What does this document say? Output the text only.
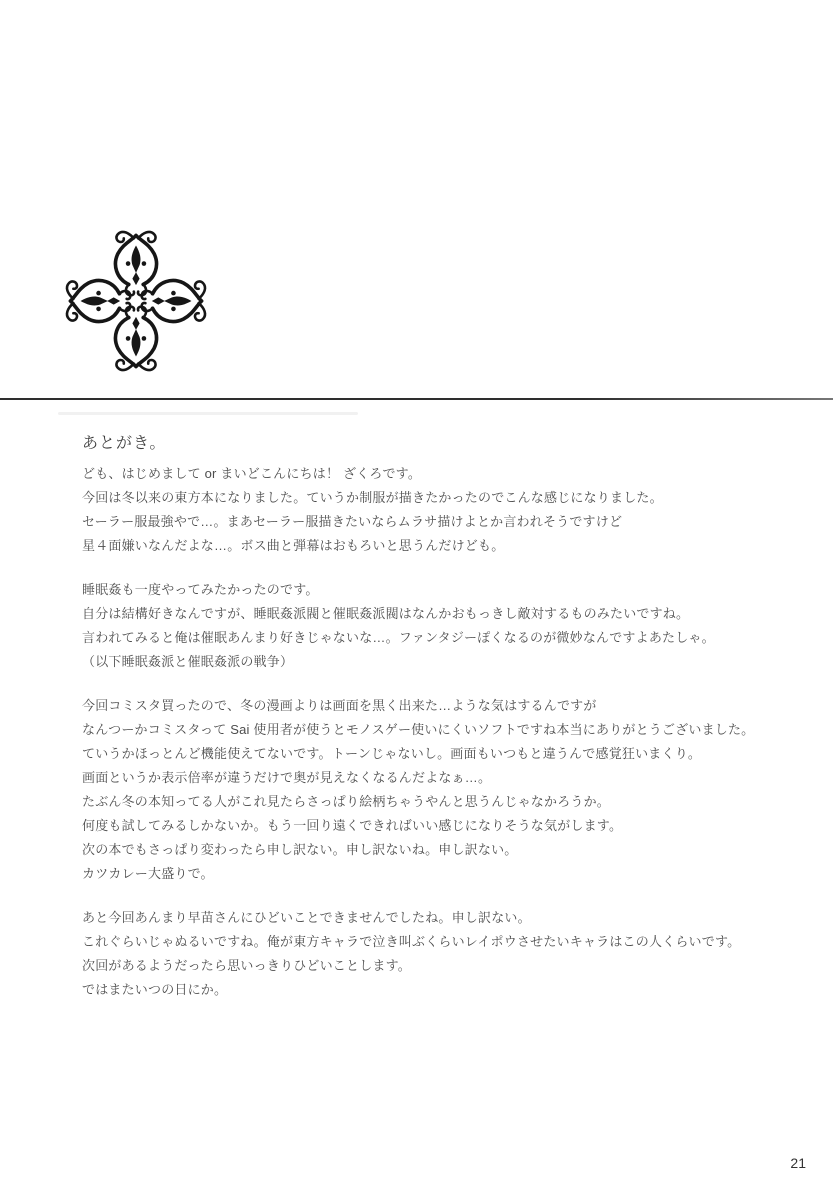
あとがき。
ども、はじめまして or まいどこんにちは！ ざくろです。
今回は冬以来の東方本になりました。ていうか制服が描きたかったのでこんな感じになりました。
セーラー服最強やで…。まあセーラー服描きたいならムラサ描けよとか言われそうですけど
星４面嫌いなんだよな…。ボス曲と弾幕はおもろいと思うんだけども。
睡眠姦も一度やってみたかったのです。
自分は結構好きなんですが、睡眠姦派閥と催眠姦派閥はなんかおもっきし敵対するものみたいですね。
言われてみると俺は催眠あんまり好きじゃないな…。ファンタジーぽくなるのが微妙なんですよあたしゃ。
（以下睡眠姦派と催眠姦派の戦争）
今回コミスタ買ったので、冬の漫画よりは画面を黒く出来た…ような気はするんですが
なんつーかコミスタって Sai 使用者が使うとモノスゲー使いにくいソフトですね本当にありがとうございました。
ていうかほっとんど機能使えてないです。トーンじゃないし。画面もいつもと違うんで感覚狂いまくり。
画面というか表示倍率が違うだけで奥が見えなくなるんだよなぁ…。
たぶん冬の本知ってる人がこれ見たらさっぱり絵柄ちゃうやんと思うんじゃなかろうか。
何度も試してみるしかないか。もう一回り遠くできればいい感じになりそうな気がします。
次の本でもさっぱり変わったら申し訳ない。申し訳ないね。申し訳ない。
カツカレー大盛りで。
あと今回あんまり早苗さんにひどいことできませんでしたね。申し訳ない。
これぐらいじゃぬるいですね。俺が東方キャラで泣き叫ぶくらいレイポウさせたいキャラはこの人くらいです。
次回があるようだったら思いっきりひどいことします。
ではまたいつの日にか。
21
